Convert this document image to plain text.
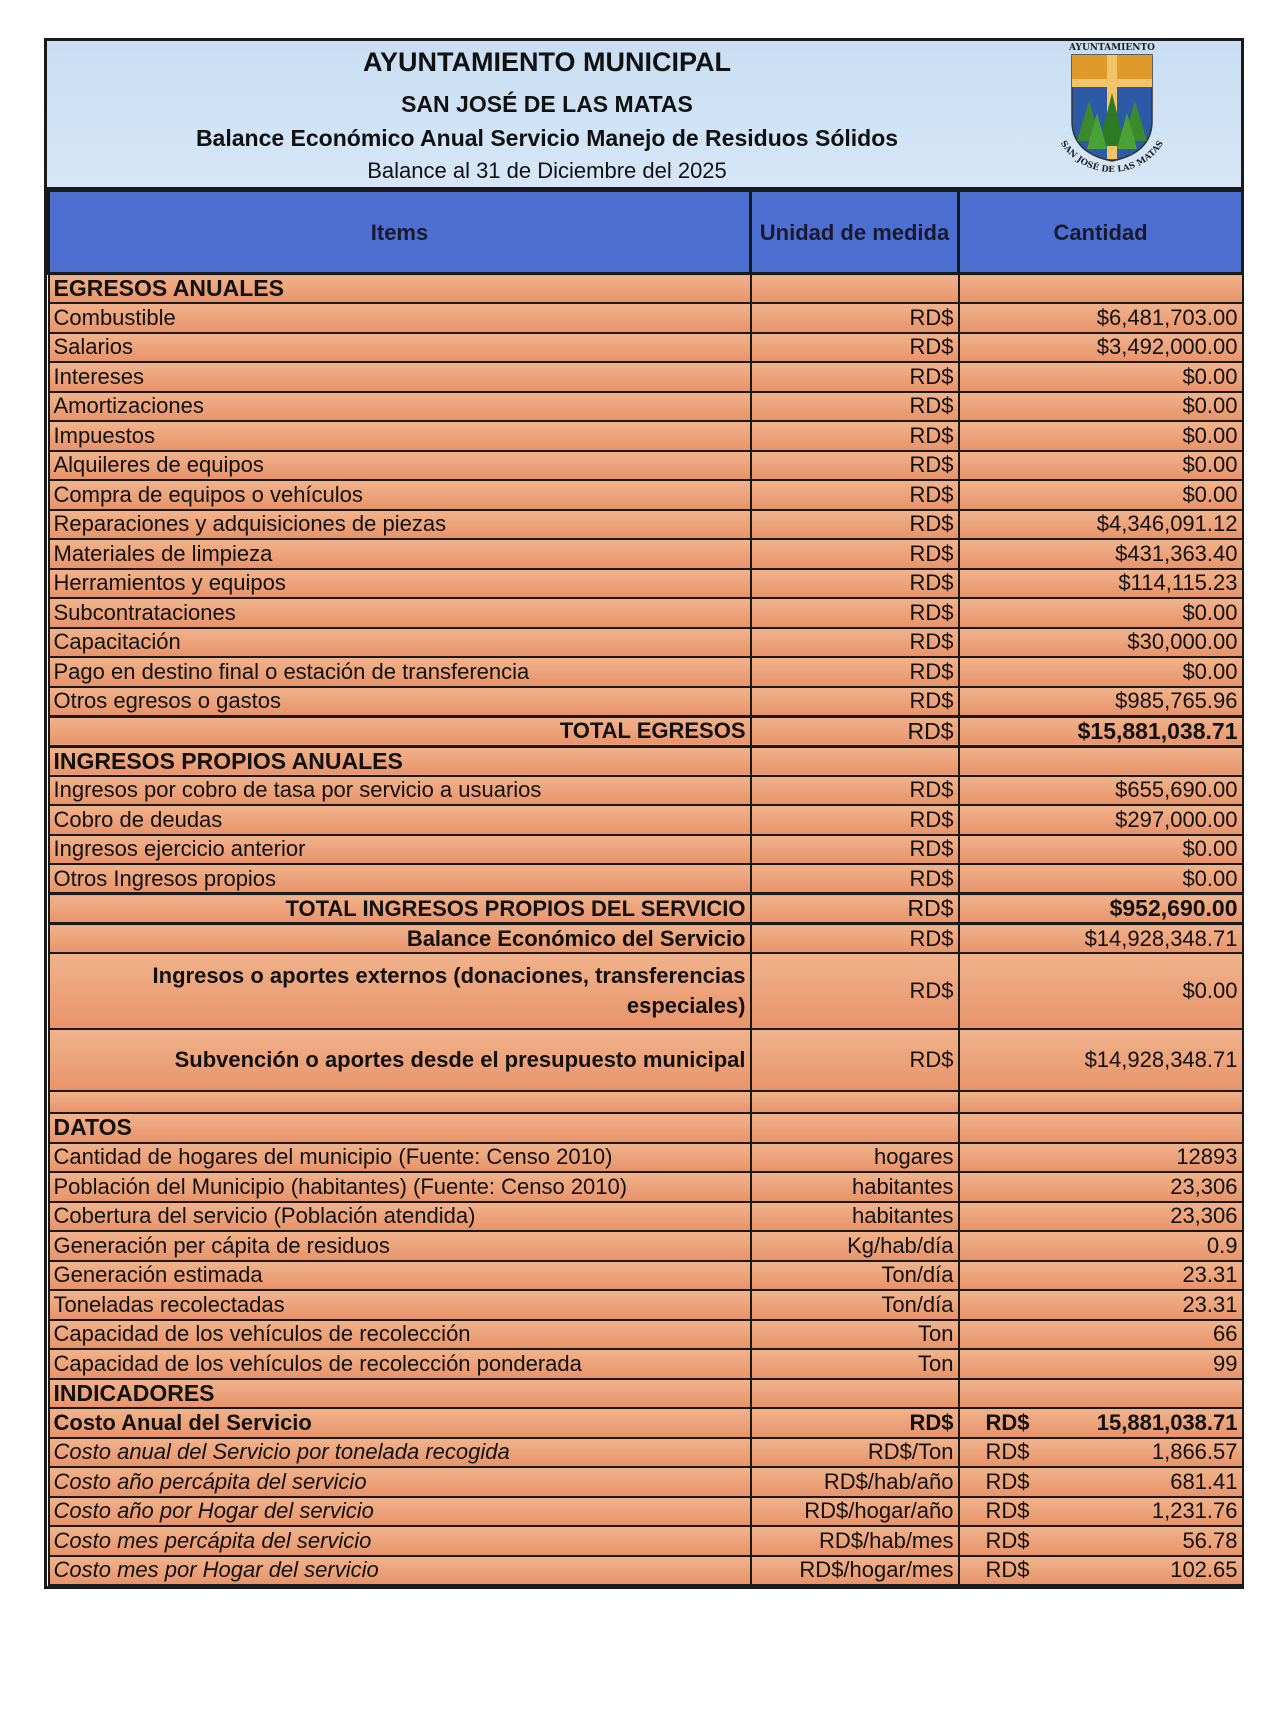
AYUNTAMIENTO MUNICIPAL
SAN JOSÉ DE LAS MATAS
Balance Económico Anual Servicio Manejo de Residuos Sólidos
Balance al 31 de Diciembre del 2025
AYUNTAMIENTO
SAN JOSÉ DE LAS MATAS
Items	Unidad de medida	Cantidad
EGRESOS ANUALES		
Combustible	RD$	$6,481,703.00
Salarios	RD$	$3,492,000.00
Intereses	RD$	$0.00
Amortizaciones	RD$	$0.00
Impuestos	RD$	$0.00
Alquileres de equipos	RD$	$0.00
Compra de equipos o vehículos	RD$	$0.00
Reparaciones y adquisiciones de piezas	RD$	$4,346,091.12
Materiales de limpieza	RD$	$431,363.40
Herramientos y equipos	RD$	$114,115.23
Subcontrataciones	RD$	$0.00
Capacitación	RD$	$30,000.00
Pago en destino final o estación de transferencia	RD$	$0.00
Otros egresos o gastos	RD$	$985,765.96
TOTAL EGRESOS	RD$	$15,881,038.71
INGRESOS PROPIOS ANUALES		
Ingresos por cobro de tasa por servicio a usuarios	RD$	$655,690.00
Cobro de deudas	RD$	$297,000.00
Ingresos ejercicio anterior	RD$	$0.00
Otros Ingresos propios	RD$	$0.00
TOTAL INGRESOS PROPIOS DEL SERVICIO	RD$	$952,690.00
Balance Económico del Servicio	RD$	$14,928,348.71
Ingresos o aportes externos (donaciones, transferencias especiales)	RD$	$0.00
Subvención o aportes desde el presupuesto municipal	RD$	$14,928,348.71

DATOS		
Cantidad de hogares del municipio (Fuente: Censo 2010)	hogares	12893
Población del Municipio (habitantes) (Fuente: Censo 2010)	habitantes	23,306
Cobertura del servicio (Población atendida)	habitantes	23,306
Generación per cápita de residuos	Kg/hab/día	0.9
Generación estimada	Ton/día	23.31
Toneladas recolectadas	Ton/día	23.31
Capacidad de los vehículos de recolección	Ton	66
Capacidad de los vehículos de recolección ponderada	Ton	99
INDICADORES		
Costo Anual del Servicio	RD$	RD$ 15,881,038.71

Costo anual del Servicio por tonelada recogida	RD$/Ton	RD$ 1,866.57

Costo año percápita del servicio	RD$/hab/año	RD$ 681.41

Costo año por Hogar del servicio	RD$/hogar/año	RD$ 1,231.76

Costo mes percápita del servicio	RD$/hab/mes	RD$ 56.78

Costo mes por Hogar del servicio	RD$/hogar/mes	RD$ 102.65
